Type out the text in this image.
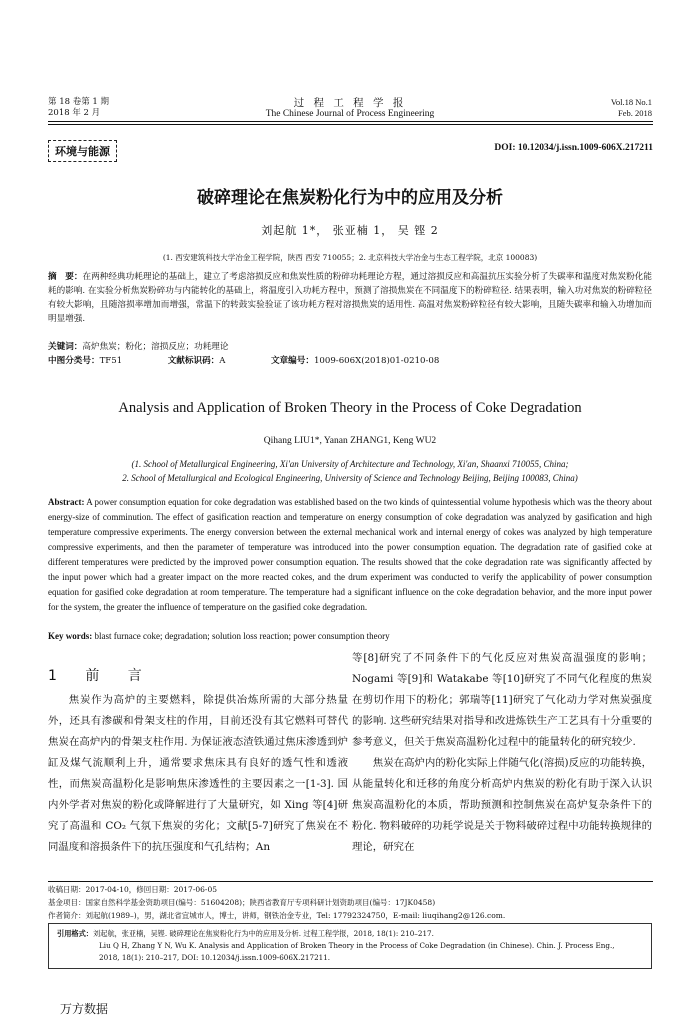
第 18 卷第 1 期
2018 年 2 月
过 程 工 程 学 报
The Chinese Journal of Process Engineering
Vol.18 No.1
Feb. 2018
环境与能源	DOI: 10.12034/j.issn.1009-606X.217211
破碎理论在焦炭粉化行为中的应用及分析
刘起航 1*， 张亚楠 1， 吴 铿 2
(1. 西安建筑科技大学冶金工程学院，陕西 西安 710055；2. 北京科技大学冶金与生态工程学院，北京 100083)
摘　要：在两种经典功耗理论的基础上，建立了考虑溶损反应和焦炭性质的粉碎功耗理论方程，通过溶损反应和高温抗压实验分析了失碳率和温度对焦炭粉化能耗的影响. 在实验分析焦炭粉碎功与内能转化的基础上，将温度引入功耗方程中，预测了溶损焦炭在不同温度下的粉碎粒径. 结果表明，输入功对焦炭的粉碎粒径有较大影响，且随溶损率增加而增强，常温下的转鼓实验验证了该功耗方程对溶损焦炭的适用性. 高温对焦炭粉碎粒径有较大影响，且随失碳率和输入功增加而明显增强.
关键词：高炉焦炭；粉化；溶损反应；功耗理论
中图分类号：TF51	文献标识码：A	文章编号：1009-606X(2018)01-0210-08
Analysis and Application of Broken Theory in the Process of Coke Degradation
Qihang LIU1*, Yanan ZHANG1, Keng WU2
(1. School of Metallurgical Engineering, Xi'an University of Architecture and Technology, Xi'an, Shaanxi 710055, China;
2. School of Metallurgical and Ecological Engineering, University of Science and Technology Beijing, Beijing 100083, China)
Abstract: A power consumption equation for coke degradation was established based on the two kinds of quintessential volume hypothesis which was the theory about energy-size of comminution. The effect of gasification reaction and temperature on energy consumption of coke degradation was analyzed by gasification and high temperature compressive experiments. The energy conversion between the external mechanical work and internal energy of cokes was analyzed by high temperature compressive experiments, and then the parameter of temperature was introduced into the power consumption equation. The degradation rate of gasified coke at different temperatures were predicted by the improved power consumption equation. The results showed that the coke degradation rate was significantly affected by the input power which had a greater impact on the more reacted cokes, and the drum experiment was conducted to verify the applicability of power consumption equation for gasified coke degradation at room temperature. The temperature had a significant influence on the coke degradation behavior, and the more input power for the system, the greater the influence of temperature on the gasified coke degradation.
Key words: blast furnace coke; degradation; solution loss reaction; power consumption theory
1 前 言

焦炭作为高炉的主要燃料，除提供冶炼所需的大部分热量外，还具有渗碳和骨架支柱的作用，目前还没有其它燃料可替代焦炭在高炉内的骨架支柱作用. 为保证液态渣铁通过焦床渗透到炉缸及煤气流顺利上升，通常要求焦床具有良好的透气性和透液性，而焦炭高温粉化是影响焦床渗透性的主要因素之一[1-3]. 国内外学者对焦炭的粉化或降解进行了大量研究，如 Xing 等[4]研究了高温和 CO₂ 气氛下焦炭的劣化；文献[5-7]研究了焦炭在不同温度和溶损条件下的抗压强度和气孔结构；An

等[8]研究了不同条件下的气化反应对焦炭高温强度的影响；Nogami 等[9]和 Watakabe 等[10]研究了不同气化程度的焦炭在剪切作用下的粉化；郭瑞等[11]研究了气化动力学对焦炭强度的影响. 这些研究结果对指导和改进炼铁生产工艺具有十分重要的参考意义，但关于焦炭高温粉化过程中的能量转化的研究较少.

焦炭在高炉内的粉化实际上伴随气化(溶损)反应的功能转换，从能量转化和迁移的角度分析高炉内焦炭的粉化有助于深入认识焦炭高温粉化的本质，帮助预测和控制焦炭在高炉复杂条件下的粉化. 物料破碎的功耗学说是关于物料破碎过程中功能转换规律的理论，研究在

收稿日期：2017-04-10，修回日期：2017-06-05
基金项目：国家自然科学基金资助项目(编号：51604208)；陕西省教育厅专项科研计划资助项目(编号：17JK0458)
作者简介：刘起航(1989–)，男，湖北省宜城市人，博士，讲师，钢铁冶金专业，Tel: 17792324750，E-mail: liuqihang2@126.com.
引用格式：刘起航，张亚楠，吴铿. 破碎理论在焦炭粉化行为中的应用及分析. 过程工程学报，2018, 18(1): 210–217.
Liu Q H, Zhang Y N, Wu K. Analysis and Application of Broken Theory in the Process of Coke Degradation (in Chinese). Chin. J. Process Eng.,
2018, 18(1): 210–217, DOI: 10.12034/j.issn.1009-606X.217211.
万方数据
